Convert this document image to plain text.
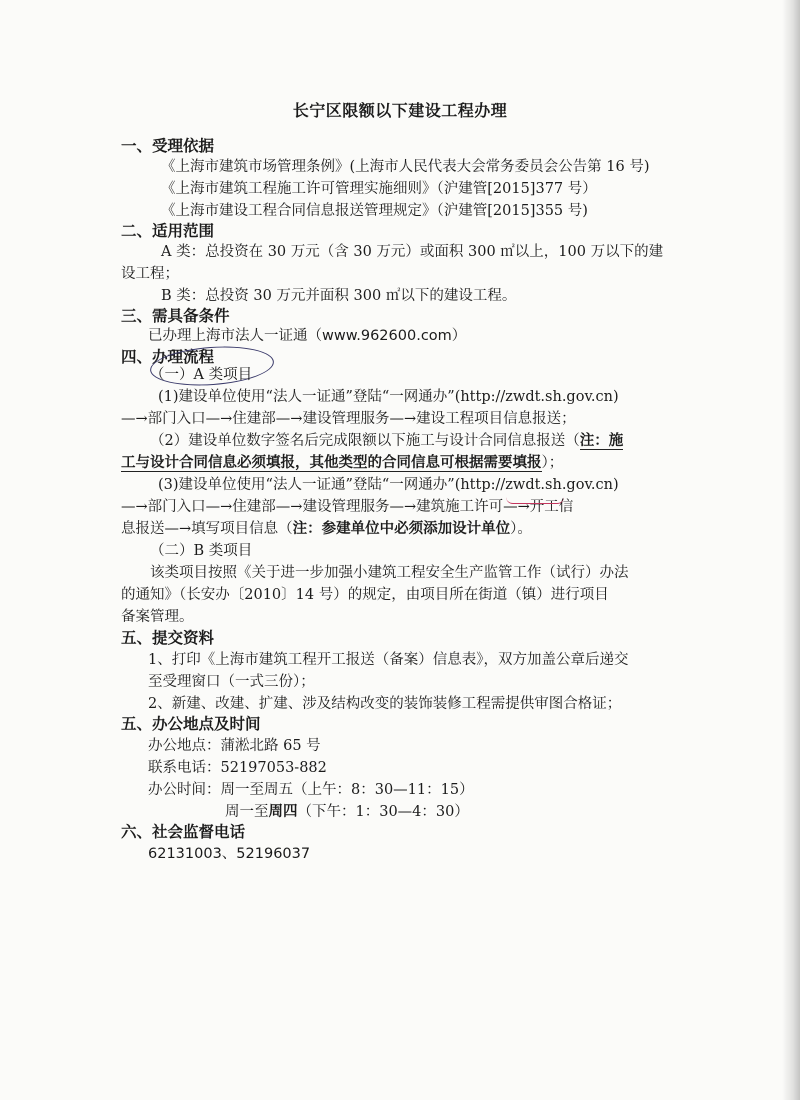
长宁区限额以下建设工程办理
一、受理依据
《上海市建筑市场管理条例》(上海市人民代表大会常务委员会公告第 16 号)
《上海市建筑工程施工许可管理实施细则》（沪建管[2015]377 号）
《上海市建设工程合同信息报送管理规定》（沪建管[2015]355 号)
二、适用范围
A 类：总投资在 30 万元（含 30 万元）或面积 300 ㎡以上，100 万以下的建
设工程；
B 类：总投资 30 万元并面积 300 ㎡以下的建设工程。
三、需具备条件
已办理上海市法人一证通（www.962600.com）
四、办理流程
（一）A 类项目
(1)建设单位使用“法人一证通”登陆“一网通办”(http://zwdt.sh.gov.cn)
—→部门入口—→住建部—→建设管理服务—→建设工程项目信息报送；
（2）建设单位数字签名后完成限额以下施工与设计合同信息报送（注：施
工与设计合同信息必须填报，其他类型的合同信息可根据需要填报）；
(3)建设单位使用“法人一证通”登陆“一网通办”(http://zwdt.sh.gov.cn)
—→部门入口—→住建部—→建设管理服务—→建筑施工许可—→开工信
息报送—→填写项目信息（注：参建单位中必须添加设计单位）。
（二）B 类项目
该类项目按照《关于进一步加强小建筑工程安全生产监管工作（试行）办法
的通知》（长安办〔2010〕14 号）的规定，由项目所在街道（镇）进行项目
备案管理。
五、提交资料
1、打印《上海市建筑工程开工报送（备案）信息表》，双方加盖公章后递交
至受理窗口（一式三份）；
2、新建、改建、扩建、涉及结构改变的装饰装修工程需提供审图合格证；
五、办公地点及时间
办公地点：蒲淞北路 65 号
联系电话：52197053-882
办公时间：周一至周五（上午：8：30—11：15）
周一至周四（下午：1：30—4：30）
六、社会监督电话
62131003、52196037
